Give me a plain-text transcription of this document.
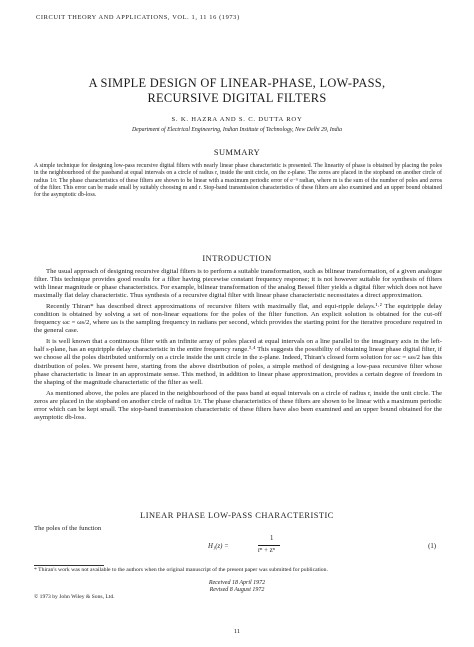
CIRCUIT THEORY AND APPLICATIONS, VOL. 1, 11 16 (1973)
A SIMPLE DESIGN OF LINEAR-PHASE, LOW-PASS,
RECURSIVE DIGITAL FILTERS
S. K. HAZRA AND S. C. DUTTA ROY
Department of Electrical Engineering, Indian Institute of Technology, New Delhi 29, India
SUMMARY
A simple technique for designing low-pass recursive digital filters with nearly linear phase characteristic is presented. The linearity of phase is obtained by placing the poles in the neighbourhood of the passband at equal intervals on a circle of radius r, inside the unit circle, on the z-plane. The zeros are placed in the stopband on another circle of radius 1/r. The phase characteristics of these filters are shown to be linear with a maximum periodic error of e⁻ⁿ radian, where m is the sum of the number of poles and zeros of the filter. This error can be made small by suitably choosing m and r. Stop-band transmission characteristics of these filters are also examined and an upper bound obtained for the asymptotic db-loss.
INTRODUCTION

The usual approach of designing recursive digital filters is to perform a suitable transformation, such as bilinear transformation, of a given analogue filter. This technique provides good results for a filter having piecewise constant frequency response; it is not however suitable for synthesis of filters with linear magnitude or phase characteristics. For example, bilinear transformation of the analog Bessel filter yields a digital filter which does not have maximally flat delay characteristic. Thus synthesis of a recursive digital filter with linear phase characteristic necessitates a direct approximation.

Recently Thiran* has described direct approximations of recursive filters with maximally flat, and equi-ripple delays.¹·² The equiripple delay condition is obtained by solving a set of non-linear equations for the poles of the filter function. An explicit solution is obtained for the cut-off frequency ωc = ωs/2, where ωs is the sampling frequency in radians per second, which provides the starting point for the iterative procedure required in the general case.

It is well known that a continuous filter with an infinite array of poles placed at equal intervals on a line parallel to the imaginary axis in the left-half s-plane, has an equiripple delay characteristic in the entire frequency range.³·⁴ This suggests the possibility of obtaining linear phase digital filter, if we choose all the poles distributed uniformly on a circle inside the unit circle in the z-plane. Indeed, Thiran's closed form solution for ωc = ωs/2 has this distribution of poles. We present here, starting from the above distribution of poles, a simple method of designing a low-pass recursive filter whose phase characteristic is linear in an approximate sense. This method, in addition to linear phase approximation, provides a certain degree of freedom in the shaping of the magnitude characteristic of the filter as well.

As mentioned above, the poles are placed in the neighbourhood of the pass band at equal intervals on a circle of radius r, inside the unit circle. The zeros are placed in the stopband on another circle of radius 1/r. The phase characteristics of these filters are shown to be linear with a maximum periodic error which can be kept small. The stop-band transmission characteristic of these filters have also been examined and an upper bound obtained for the asymptotic db-loss.

LINEAR PHASE LOW-PASS CHARACTERISTIC
The poles of the function
H₁(z) =
1
rⁿ + zⁿ
(1)
* Thiran's work was not available to the authors when the original manuscript of the present paper was submitted for publication.
Received 18 April 1972
Revised 8 August 1972
© 1973 by John Wiley & Sons, Ltd.
11
